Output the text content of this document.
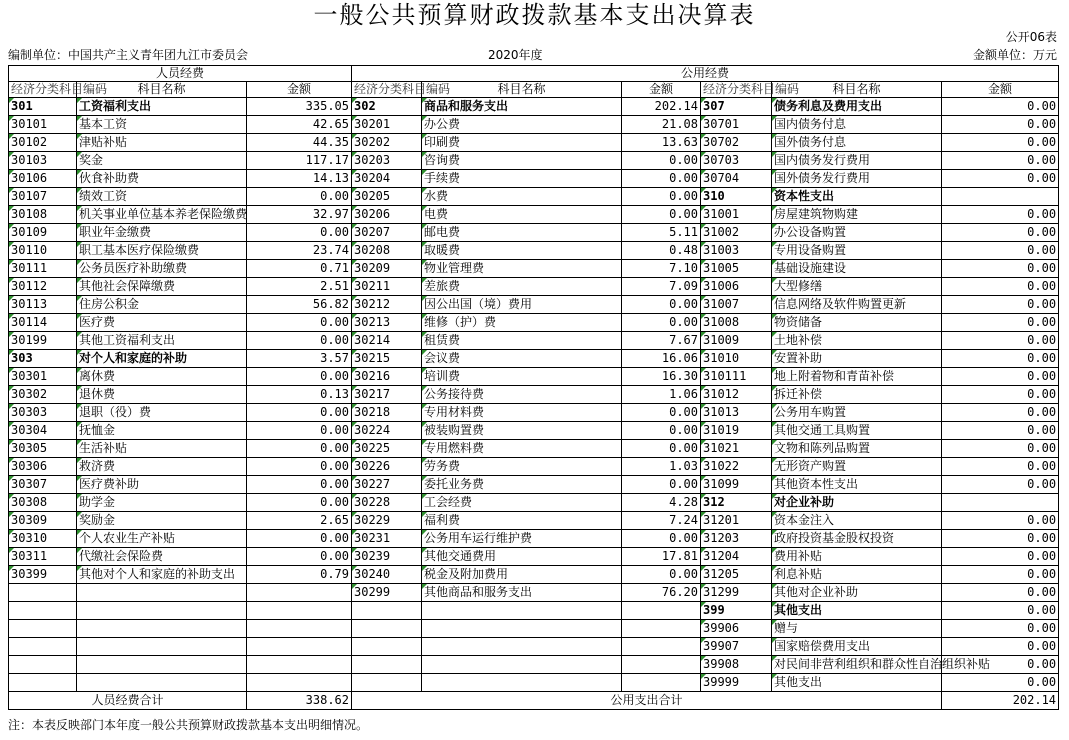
一般公共预算财政拨款基本支出决算表
公开06表
编制单位：中国共产主义青年团九江市委员会	2020年度	金额单位：万元
人员经费			公用经费					
经济分类科目编码	科目名称	金额	经济分类科目编码	科目名称	金额	经济分类科目编码	科目名称	金额
301	工资福利支出	335.05	302	商品和服务支出	202.14	307	债务利息及费用支出	0.00
30101	基本工资	42.65	30201	办公费	21.08	30701	国内债务付息	0.00
30102	津贴补贴	44.35	30202	印刷费	13.63	30702	国外债务付息	0.00
30103	奖金	117.17	30203	咨询费	0.00	30703	国内债务发行费用	0.00
30106	伙食补助费	14.13	30204	手续费	0.00	30704	国外债务发行费用	0.00
30107	绩效工资	0.00	30205	水费	0.00	310	资本性支出	
30108	机关事业单位基本养老保险缴费	32.97	30206	电费	0.00	31001	房屋建筑物购建	0.00
30109	职业年金缴费	0.00	30207	邮电费	5.11	31002	办公设备购置	0.00
30110	职工基本医疗保险缴费	23.74	30208	取暖费	0.48	31003	专用设备购置	0.00
30111	公务员医疗补助缴费	0.71	30209	物业管理费	7.10	31005	基础设施建设	0.00
30112	其他社会保障缴费	2.51	30211	差旅费	7.09	31006	大型修缮	0.00
30113	住房公积金	56.82	30212	因公出国（境）费用	0.00	31007	信息网络及软件购置更新	0.00
30114	医疗费	0.00	30213	维修（护）费	0.00	31008	物资储备	0.00
30199	其他工资福利支出	0.00	30214	租赁费	7.67	31009	土地补偿	0.00
303	对个人和家庭的补助	3.57	30215	会议费	16.06	31010	安置补助	0.00
30301	离休费	0.00	30216	培训费	16.30	310111	地上附着物和青苗补偿	0.00
30302	退休费	0.13	30217	公务接待费	1.06	31012	拆迁补偿	0.00
30303	退职（役）费	0.00	30218	专用材料费	0.00	31013	公务用车购置	0.00
30304	抚恤金	0.00	30224	被装购置费	0.00	31019	其他交通工具购置	0.00
30305	生活补贴	0.00	30225	专用燃料费	0.00	31021	文物和陈列品购置	0.00
30306	救济费	0.00	30226	劳务费	1.03	31022	无形资产购置	0.00
30307	医疗费补助	0.00	30227	委托业务费	0.00	31099	其他资本性支出	0.00
30308	助学金	0.00	30228	工会经费	4.28	312	对企业补助	
30309	奖励金	2.65	30229	福利费	7.24	31201	资本金注入	0.00
30310	个人农业生产补贴	0.00	30231	公务用车运行维护费	0.00	31203	政府投资基金股权投资	0.00
30311	代缴社会保险费	0.00	30239	其他交通费用	17.81	31204	费用补贴	0.00
30399	其他对个人和家庭的补助支出	0.79	30240	税金及附加费用	0.00	31205	利息补贴	0.00
			30299	其他商品和服务支出	76.20	31299	其他对企业补助	0.00
						399	其他支出	0.00
						39906	赠与	0.00
						39907	国家赔偿费用支出	0.00
						39908	对民间非营利组织和群众性自治组织补贴	0.00
						39999	其他支出	0.00
人员经费合计		338.62	公用支出合计					202.14
注：本表反映部门本年度一般公共预算财政拨款基本支出明细情况。
